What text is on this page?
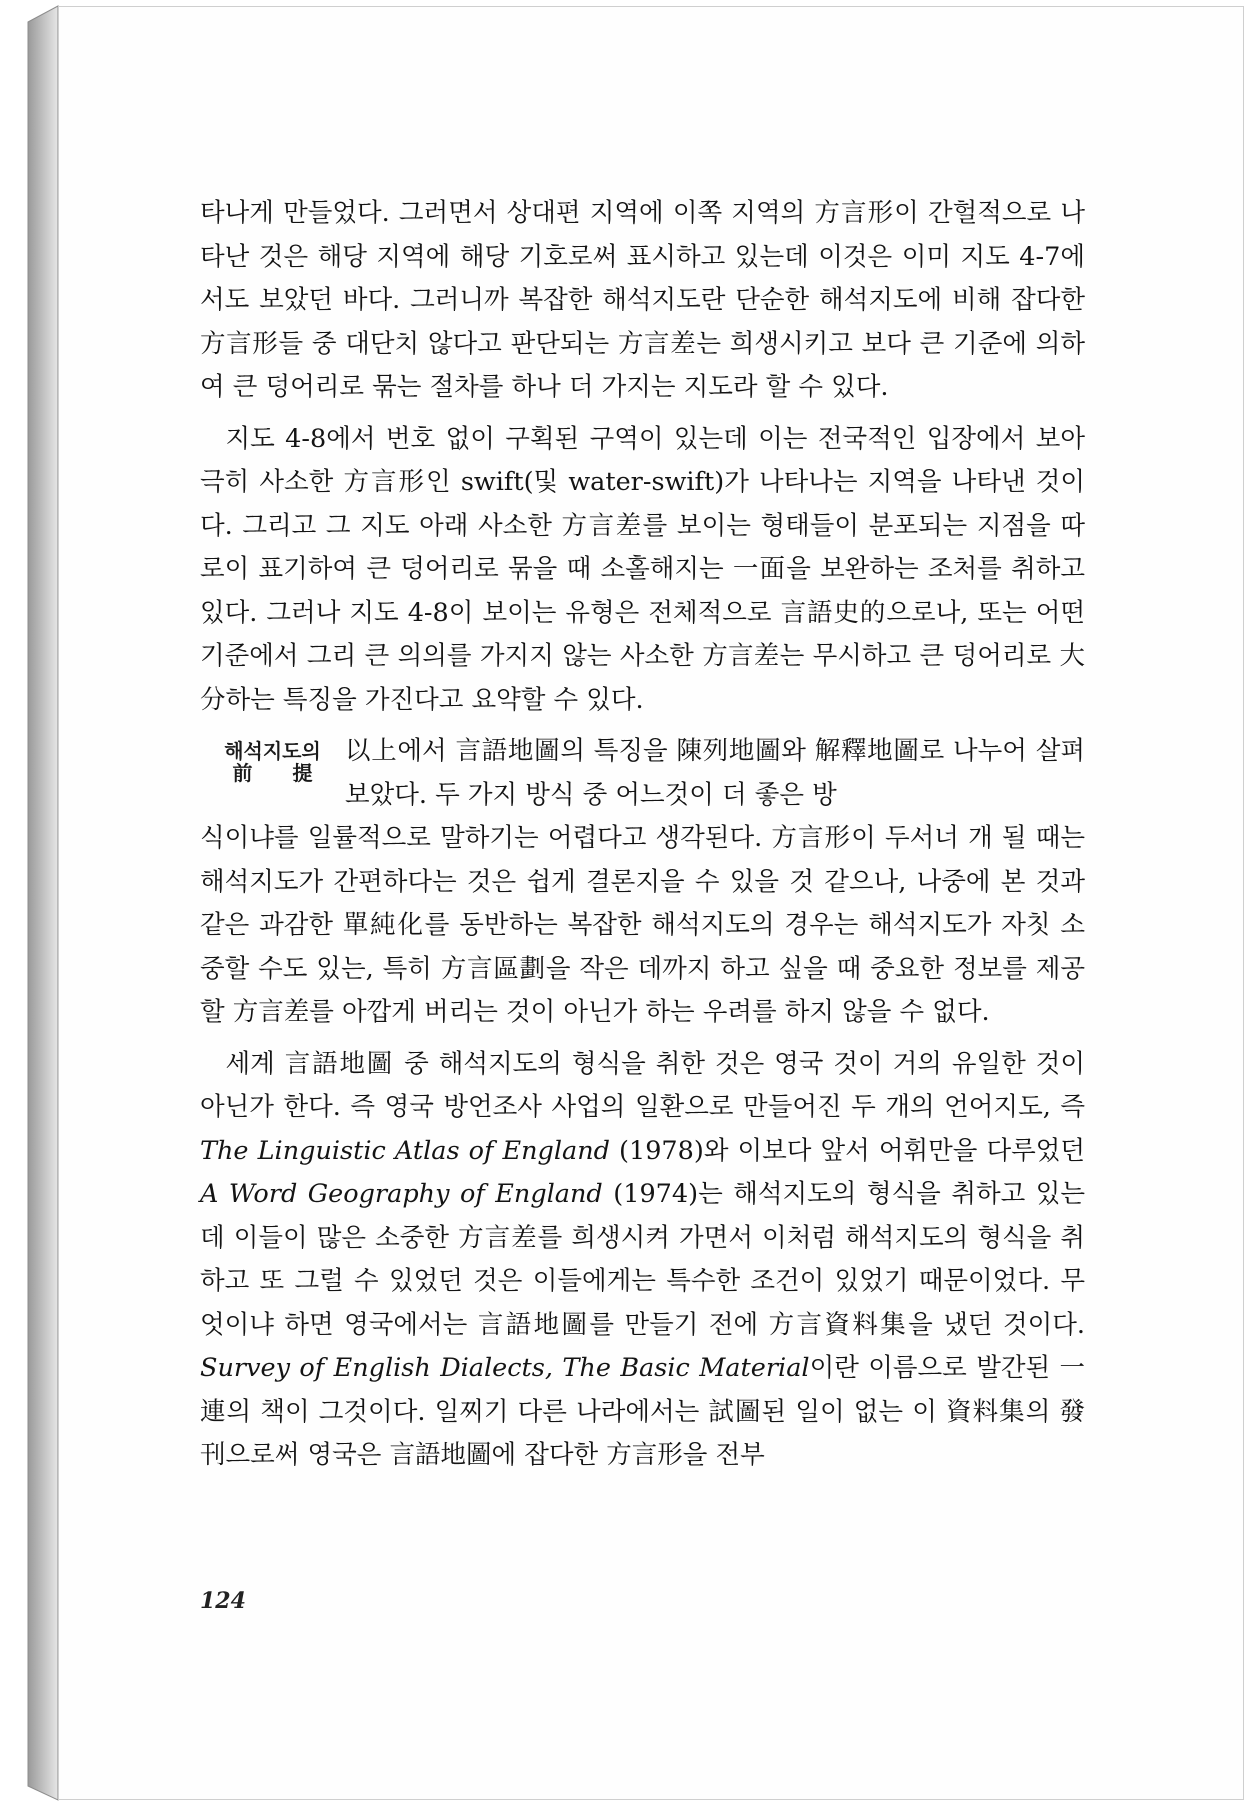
타나게 만들었다. 그러면서 상대편 지역에 이쪽 지역의 方言形이 간헐적으로 나타난 것은 해당 지역에 해당 기호로써 표시하고 있는데 이것은 이미 지도 4-7에서도 보았던 바다. 그러니까 복잡한 해석지도란 단순한 해석지도에 비해 잡다한 方言形들 중 대단치 않다고 판단되는 方言差는 희생시키고 보다 큰 기준에 의하여 큰 덩어리로 묶는 절차를 하나 더 가지는 지도라 할 수 있다.

지도 4-8에서 번호 없이 구획된 구역이 있는데 이는 전국적인 입장에서 보아 극히 사소한 方言形인 swift(및 water-swift)가 나타나는 지역을 나타낸 것이다. 그리고 그 지도 아래 사소한 方言差를 보이는 형태들이 분포되는 지점을 따로이 표기하여 큰 덩어리로 묶을 때 소홀해지는 一面을 보완하는 조처를 취하고 있다. 그러나 지도 4-8이 보이는 유형은 전체적으로 言語史的으로나, 또는 어떤 기준에서 그리 큰 의의를 가지지 않는 사소한 方言差는 무시하고 큰 덩어리로 大分하는 특징을 가진다고 요약할 수 있다.

해석지도의
前　　提
以上에서 言語地圖의 특징을 陳列地圖와 解釋地圖로 나누어 살펴보았다. 두 가지 방식 중 어느것이 더 좋은 방

식이냐를 일률적으로 말하기는 어렵다고 생각된다. 方言形이 두서너 개 될 때는 해석지도가 간편하다는 것은 쉽게 결론지을 수 있을 것 같으나, 나중에 본 것과 같은 과감한 單純化를 동반하는 복잡한 해석지도의 경우는 해석지도가 자칫 소중할 수도 있는, 특히 方言區劃을 작은 데까지 하고 싶을 때 중요한 정보를 제공할 方言差를 아깝게 버리는 것이 아닌가 하는 우려를 하지 않을 수 없다.

세계 言語地圖 중 해석지도의 형식을 취한 것은 영국 것이 거의 유일한 것이 아닌가 한다. 즉 영국 방언조사 사업의 일환으로 만들어진 두 개의 언어지도, 즉 The Linguistic Atlas of England (1978)와 이보다 앞서 어휘만을 다루었던 A Word Geography of England (1974)는 해석지도의 형식을 취하고 있는데 이들이 많은 소중한 方言差를 희생시켜 가면서 이처럼 해석지도의 형식을 취하고 또 그럴 수 있었던 것은 이들에게는 특수한 조건이 있었기 때문이었다. 무엇이냐 하면 영국에서는 言語地圖를 만들기 전에 方言資料集을 냈던 것이다. Survey of English Dialects, The Basic Material이란 이름으로 발간된 一連의 책이 그것이다. 일찌기 다른 나라에서는 試圖된 일이 없는 이 資料集의 發刊으로써 영국은 言語地圖에 잡다한 方言形을 전부

124
